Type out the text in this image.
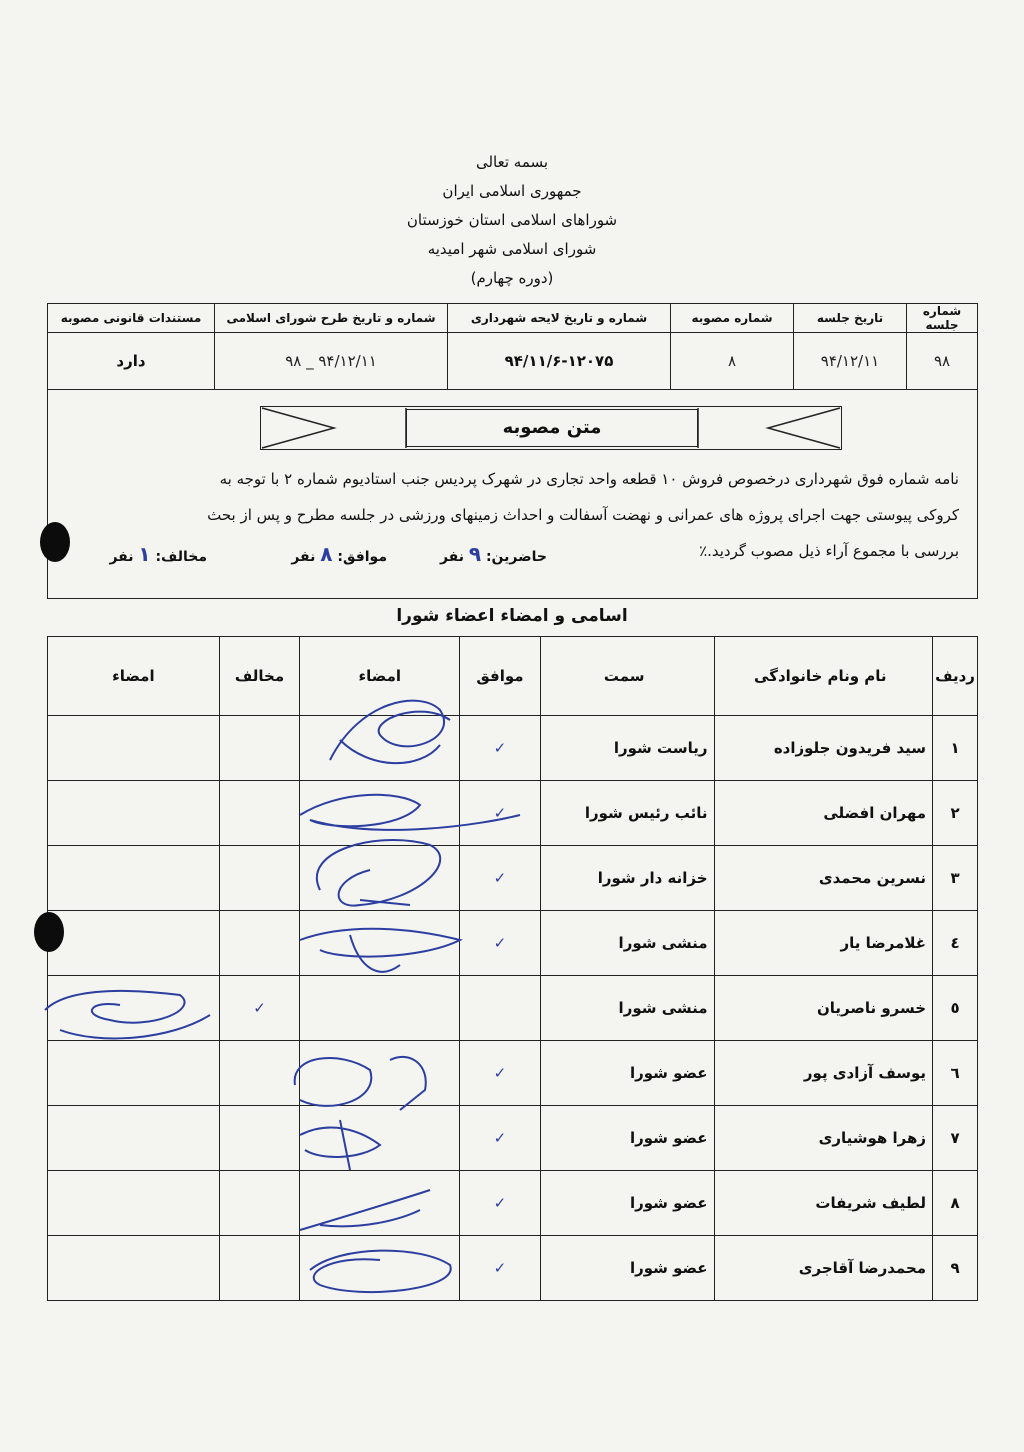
بسمه تعالی
جمهوری اسلامی ایران
شوراهای اسلامی استان خوزستان
شورای اسلامی شهر امیدیه
(دوره چهارم)
شماره جلسه	تاریخ جلسه	شماره مصوبه	شماره و تاریخ لایحه شهرداری	شماره و تاریخ طرح شورای اسلامی	مستندات قانونی مصوبه
۹۸	۹۴/۱۲/۱۱	۸	۹۴/۱۱/۶-۱۲۰۷۵	۹۴/۱۲/۱۱ _ ۹۸	دارد
متن مصوبه
نامه شماره فوق شهرداری درخصوص فروش ۱۰ قطعه واحد تجاری در شهرک پردیس جنب استادیوم شماره ۲ با توجه به
کروکی پیوستی جهت اجرای پروژه های عمرانی و نهضت آسفالت و احداث زمینهای ورزشی در جلسه مطرح و پس از بحث
بررسی با مجموع آراء ذیل مصوب گردید.٪
حاضرین: ۹ نفر
موافق: ۸ نفر
مخالف: ۱ نفر
اسامی و امضاء اعضاء شورا
ردیف	نام ونام خانوادگی	سمت	موافق	امضاء	مخالف	امضاء
۱	سید فریدون جلوزاده	ریاست شورا	✓			
۲	مهران افضلی	نائب رئیس شورا	✓			
۳	نسرین محمدی	خزانه دار شورا	✓			
٤	غلامرضا یار	منشی شورا	✓			
٥	خسرو ناصریان	منشی شورا			✓	
٦	یوسف آزادی پور	عضو شورا	✓			
۷	زهرا هوشیاری	عضو شورا	✓			
۸	لطیف شریفات	عضو شورا	✓			
۹	محمدرضا آقاجری	عضو شورا	✓			
